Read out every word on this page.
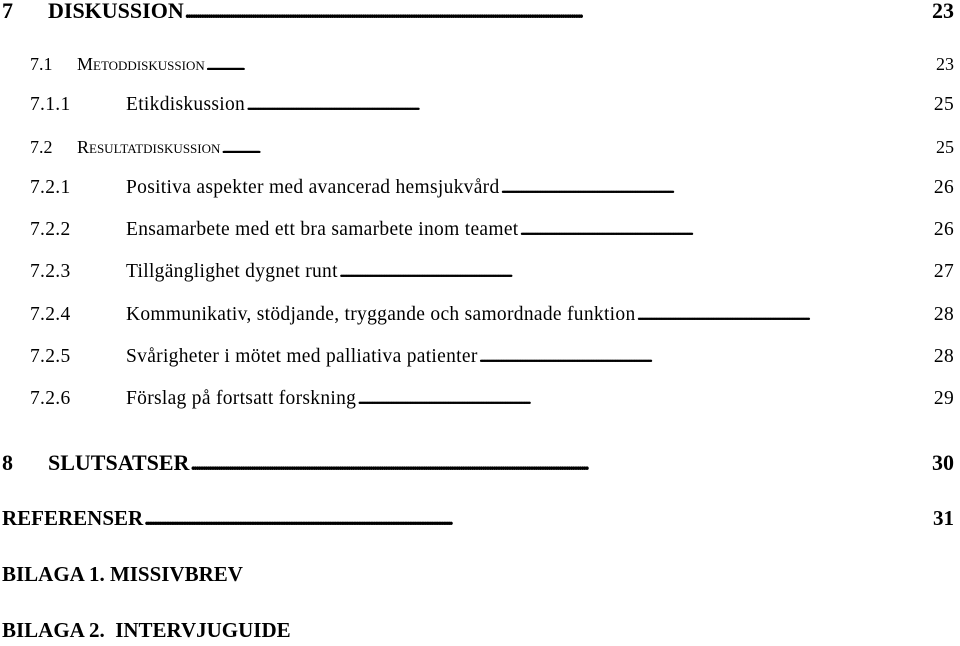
7	DISKUSSION . . .	23
7.1	Metoddiskussion . . .	23
7.1.1	Etikdiskussion . . .	25
7.2	Resultatdiskussion . . .	25
7.2.1	Positiva aspekter med avancerad hemsjukvård . . .	26
7.2.2	Ensamarbete med ett bra samarbete inom teamet . . .	26
7.2.3	Tillgänglighet dygnet runt . . .	27
7.2.4	Kommunikativ, stödjande, tryggande och samordnade funktion . . .	28
7.2.5	Svårigheter i mötet med palliativa patienter . . .	28
7.2.6	Förslag på fortsatt forskning . . .	29
8	SLUTSATSER . . .	30
REFERENSER . . .	31
BILAGA 1. MISSIVBREV
BILAGA 2.  INTERVJUGUIDE
